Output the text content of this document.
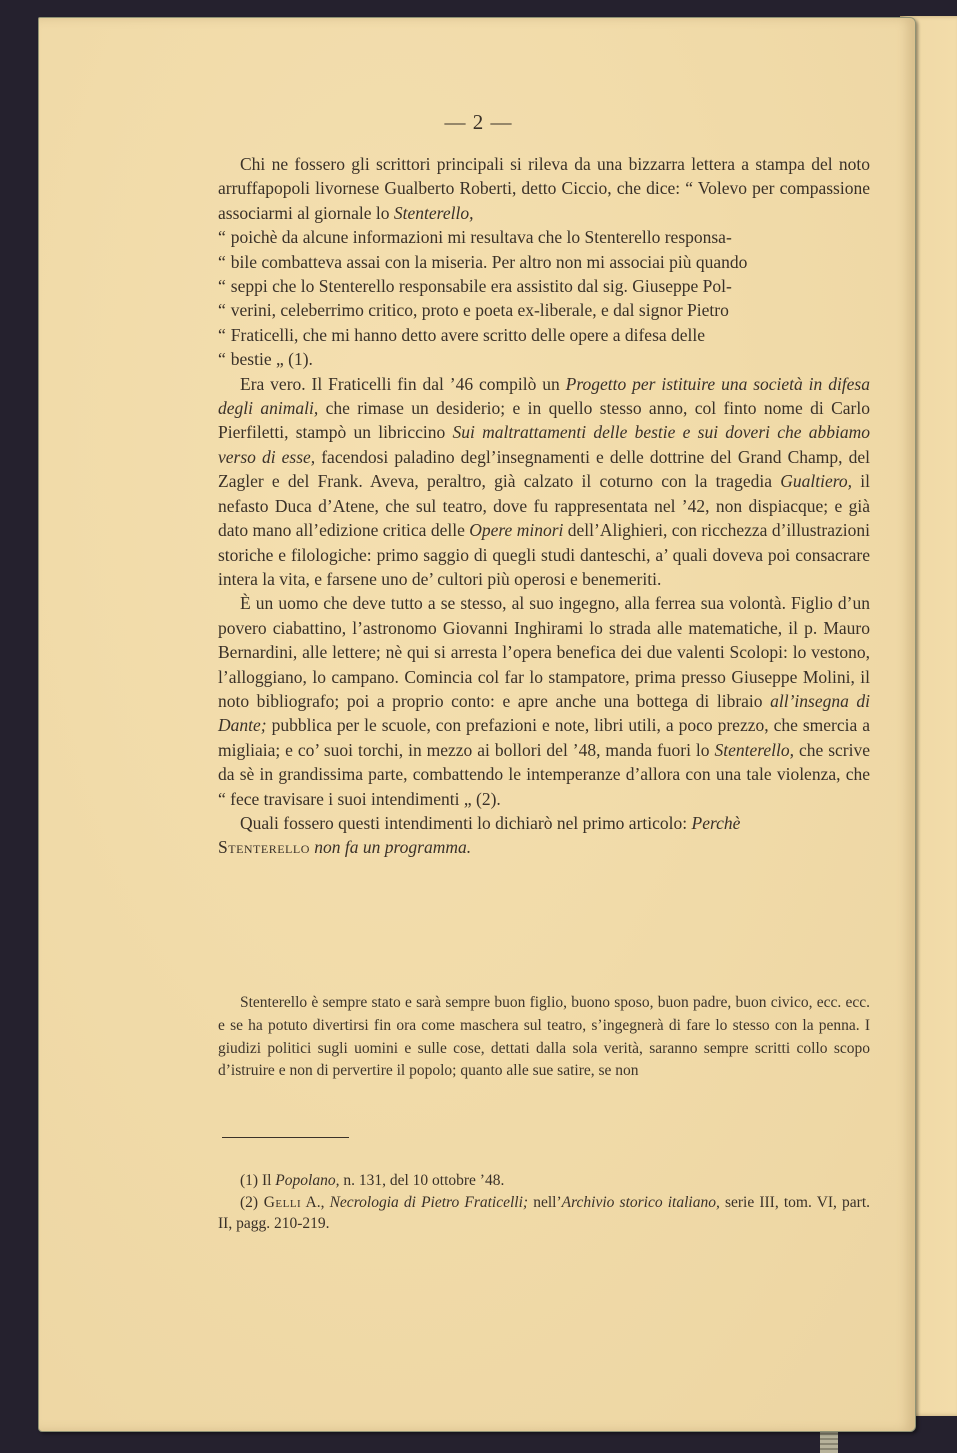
— 2 —

Chi ne fossero gli scrittori principali si rileva da una bizzarra lettera a stampa del noto arruffapopoli livornese Gualberto Roberti, detto Ciccio, che dice: “ Volevo per compassione associarmi al giornale lo Stenterello,
“ poichè da alcune informazioni mi resultava che lo Stenterello responsa-
“ bile combatteva assai con la miseria. Per altro non mi associai più quando
“ seppi che lo Stenterello responsabile era assistito dal sig. Giuseppe Pol-
“ verini, celeberrimo critico, proto e poeta ex-liberale, e dal signor Pietro
“ Fraticelli, che mi hanno detto avere scritto delle opere a difesa delle
“ bestie „ (1).

Era vero. Il Fraticelli fin dal ’46 compilò un Progetto per istituire una società in difesa degli animali, che rimase un desiderio; e in quello stesso anno, col finto nome di Carlo Pierfiletti, stampò un libriccino Sui maltrattamenti delle bestie e sui doveri che abbiamo verso di esse, facendosi paladino degl’insegnamenti e delle dottrine del Grand Champ, del Zagler e del Frank. Aveva, peraltro, già calzato il coturno con la tragedia Gualtiero, il nefasto Duca d’Atene, che sul teatro, dove fu rappresentata nel ’42, non dispiacque; e già dato mano all’edizione critica delle Opere minori dell’Alighieri, con ricchezza d’illustrazioni storiche e filologiche: primo saggio di quegli studi danteschi, a’ quali doveva poi consacrare intera la vita, e farsene uno de’ cultori più operosi e benemeriti.

È un uomo che deve tutto a se stesso, al suo ingegno, alla ferrea sua volontà. Figlio d’un povero ciabattino, l’astronomo Giovanni Inghirami lo strada alle matematiche, il p. Mauro Bernardini, alle lettere; nè qui si arresta l’opera benefica dei due valenti Scolopi: lo vestono, l’alloggiano, lo campano. Comincia col far lo stampatore, prima presso Giuseppe Molini, il noto bibliografo; poi a proprio conto: e apre anche una bottega di libraio all’insegna di Dante; pubblica per le scuole, con prefazioni e note, libri utili, a poco prezzo, che smercia a migliaia; e co’ suoi torchi, in mezzo ai bollori del ’48, manda fuori lo Stenterello, che scrive da sè in grandissima parte, combattendo le intemperanze d’allora con una tale violenza, che “ fece travisare i suoi intendimenti „ (2).

Quali fossero questi intendimenti lo dichiarò nel primo articolo: Perchè
Stenterello non fa un programma.

Stenterello è sempre stato e sarà sempre buon figlio, buono sposo, buon padre, buon civico, ecc. ecc. e se ha potuto divertirsi fin ora come maschera sul teatro, s’ingegnerà di fare lo stesso con la penna. I giudizi politici sugli uomini e sulle cose, dettati dalla sola verità, saranno sempre scritti collo scopo d’istruire e non di pervertire il popolo; quanto alle sue satire, se non

(1) Il Popolano, n. 131, del 10 ottobre ’48.

(2) Gelli A., Necrologia di Pietro Fraticelli; nell’Archivio storico italiano, serie III, tom. VI, part. II, pagg. 210-219.
